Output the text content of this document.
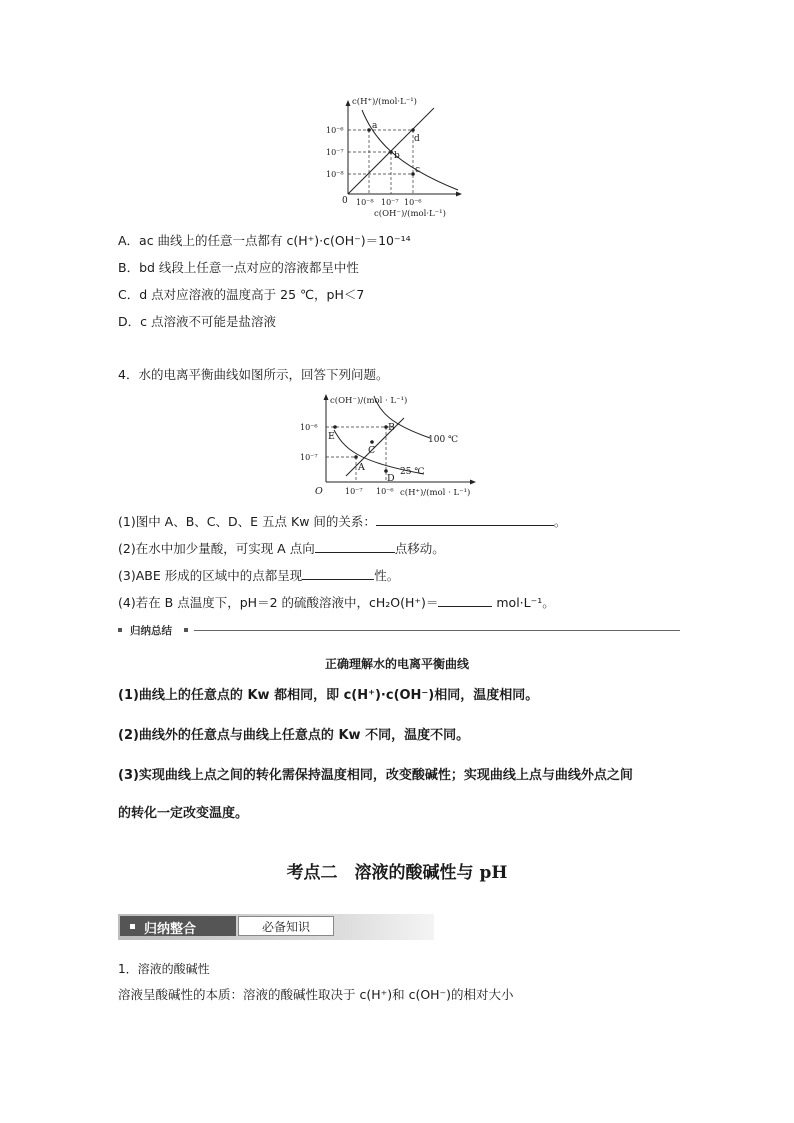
a
b
c
d
c(H⁺)/(mol·L⁻¹)
c(OH⁻)/(mol·L⁻¹)
10⁻⁶
10⁻⁷
10⁻⁸
10⁻⁸ 10⁻⁷ 10⁻⁶
0
A．ac 曲线上的任意一点都有 c(H⁺)·c(OH⁻)＝10⁻¹⁴
B．bd 线段上任意一点对应的溶液都呈中性
C．d 点对应溶液的温度高于 25 ℃，pH＜7
D．c 点溶液不可能是盐溶液
4．水的电离平衡曲线如图所示，回答下列问题。
A
B
C
D
E	100 ℃
25 ℃
c(OH⁻)/(mol · L⁻¹)
c(H⁺)/(mol · L⁻¹)
10⁻⁶
10⁻⁷
10⁻⁷ 10⁻⁶
O
(1)图中 A、B、C、D、E 五点 Kw 间的关系：	。
(2)在水中加少量酸，可实现 A 点向	点移动。
(3)ABE 形成的区域中的点都呈现	性。
(4)若在 B 点温度下，pH＝2 的硫酸溶液中，cH₂O(H⁺)＝	mol·L⁻¹。
归纳总结
正确理解水的电离平衡曲线
(1)曲线上的任意点的 Kw 都相同，即 c(H⁺)·c(OH⁻)相同，温度相同。
(2)曲线外的任意点与曲线上任意点的 Kw 不同，温度不同。
(3)实现曲线上点之间的转化需保持温度相同，改变酸碱性；实现曲线上点与曲线外点之间
的转化一定改变温度。
考点二　溶液的酸碱性与 pH
归纳整合	必备知识
1．溶液的酸碱性
溶液呈酸碱性的本质：溶液的酸碱性取决于 c(H⁺)和 c(OH⁻)的相对大小
